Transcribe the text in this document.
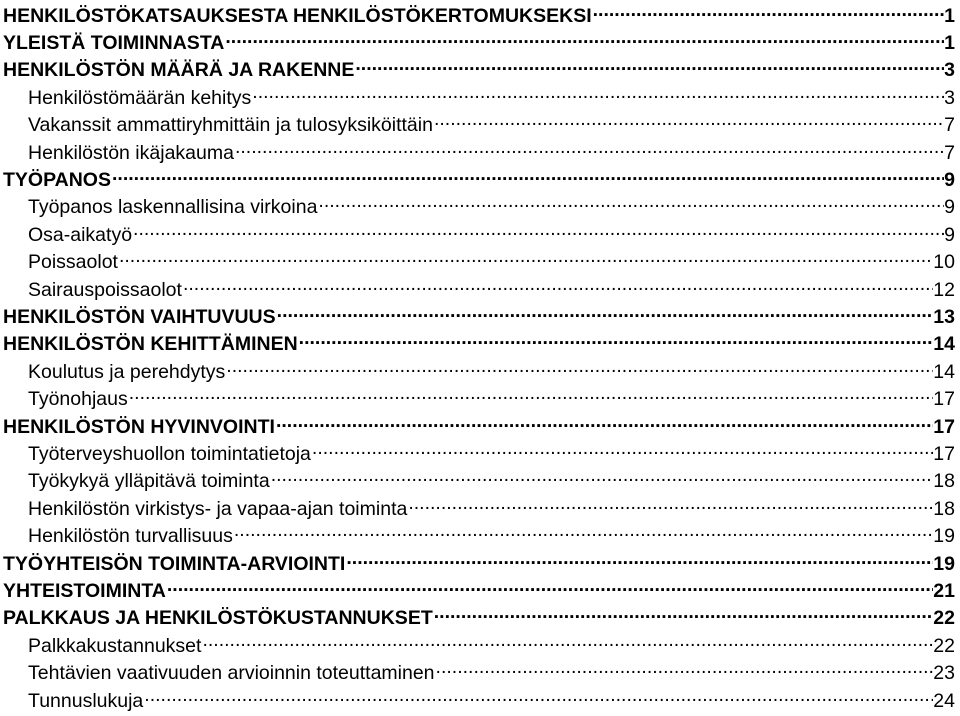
HENKILÖSTÖKATSAUKSESTA HENKILÖSTÖKERTOMUKSEKSI .....	1
YLEISTÄ TOIMINNASTA .....	1
HENKILÖSTÖN MÄÄRÄ JA RAKENNE .....	3
Henkilöstömäärän kehitys .....	3
Vakanssit ammattiryhmittäin ja tulosyksiköittäin .....	7
Henkilöstön ikäjakauma .....	7
TYÖPANOS .....	9
Työpanos laskennallisina virkoina .....	9
Osa-aikatyö .....	9
Poissaolot .....	10
Sairauspoissaolot .....	12
HENKILÖSTÖN VAIHTUVUUS .....	13
HENKILÖSTÖN KEHITTÄMINEN .....	14
Koulutus ja perehdytys .....	14
Työnohjaus .....	17
HENKILÖSTÖN HYVINVOINTI .....	17
Työterveyshuollon toimintatietoja .....	17
Työkykyä ylläpitävä toiminta .....	18
Henkilöstön virkistys- ja vapaa-ajan toiminta .....	18
Henkilöstön turvallisuus .....	19
TYÖYHTEISÖN TOIMINTA-ARVIOINTI .....	19
YHTEISTOIMINTA .....	21
PALKKAUS JA HENKILÖSTÖKUSTANNUKSET .....	22
Palkkakustannukset .....	22
Tehtävien vaativuuden arvioinnin toteuttaminen .....	23
Tunnuslukuja .....	24
